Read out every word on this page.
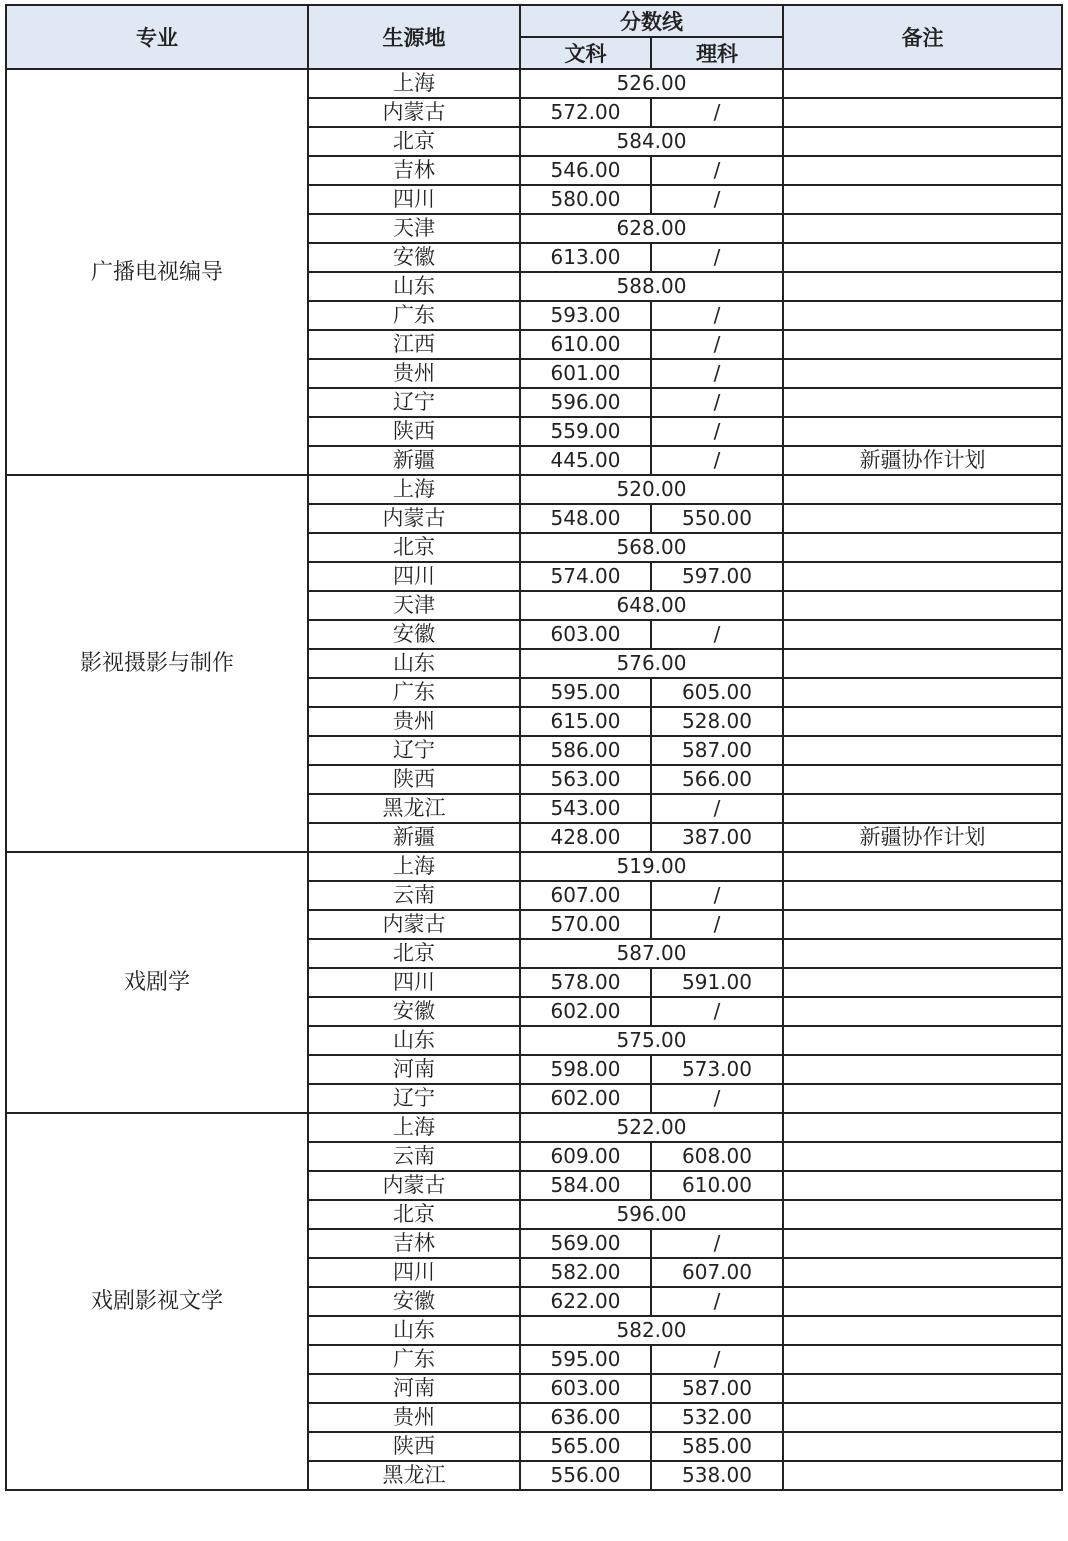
专业	生源地	分数线		备注
		文科	理科	
广播电视编导	上海	526.00		
	内蒙古	572.00	/	
	北京	584.00		
	吉林	546.00	/	
	四川	580.00	/	
	天津	628.00		
	安徽	613.00	/	
	山东	588.00		
	广东	593.00	/	
	江西	610.00	/	
	贵州	601.00	/	
	辽宁	596.00	/	
	陕西	559.00	/	
	新疆	445.00	/	新疆协作计划
影视摄影与制作	上海	520.00		
	内蒙古	548.00	550.00	
	北京	568.00		
	四川	574.00	597.00	
	天津	648.00		
	安徽	603.00	/	
	山东	576.00		
	广东	595.00	605.00	
	贵州	615.00	528.00	
	辽宁	586.00	587.00	
	陕西	563.00	566.00	
	黑龙江	543.00	/	
	新疆	428.00	387.00	新疆协作计划
戏剧学	上海	519.00		
	云南	607.00	/	
	内蒙古	570.00	/	
	北京	587.00		
	四川	578.00	591.00	
	安徽	602.00	/	
	山东	575.00		
	河南	598.00	573.00	
	辽宁	602.00	/	
戏剧影视文学	上海	522.00		
	云南	609.00	608.00	
	内蒙古	584.00	610.00	
	北京	596.00		
	吉林	569.00	/	
	四川	582.00	607.00	
	安徽	622.00	/	
	山东	582.00		
	广东	595.00	/	
	河南	603.00	587.00	
	贵州	636.00	532.00	
	陕西	565.00	585.00	
	黑龙江	556.00	538.00	
